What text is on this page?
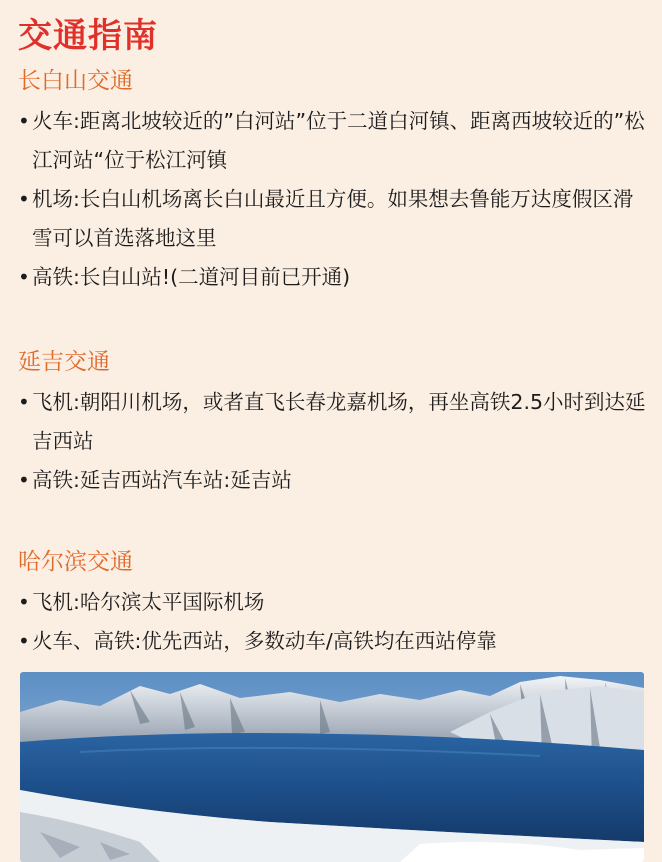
交通指南
长白山交通
• 火车:距离北坡较近的”白河站”位于二道白河镇、距离西坡较近的”松江河站“位于松江河镇
• 机场:长白山机场离长白山最近且方便。如果想去鲁能万达度假区滑雪可以首选落地这里
• 高铁:长白山站!(二道河目前已开通)
延吉交通
• 飞机:朝阳川机场，或者直飞长春龙嘉机场，再坐高铁2.5小时到达延吉西站
• 高铁:延吉西站汽车站:延吉站
哈尔滨交通
• 飞机:哈尔滨太平国际机场
• 火车、高铁:优先西站，多数动车/高铁均在西站停靠
